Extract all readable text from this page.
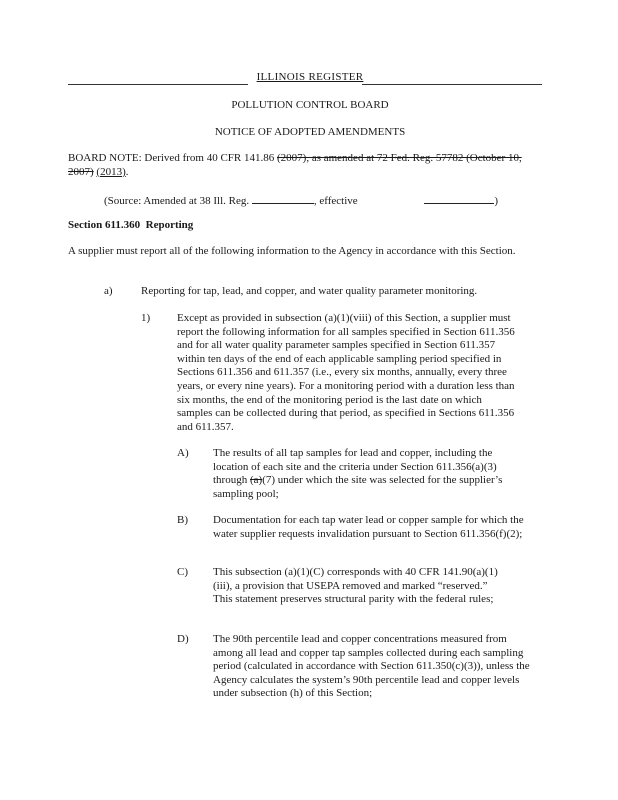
ILLINOIS REGISTER
POLLUTION CONTROL BOARD
NOTICE OF ADOPTED AMENDMENTS
BOARD NOTE: Derived from 40 CFR 141.86 (2007), as amended at 72 Fed. Reg. 57782 (October 10, 2007) (2013).
(Source: Amended at 38 Ill. Reg.	, effective	)
Section 611.360 Reporting

A supplier must report all of the following information to the Agency in accordance with this Section.

a)	Reporting for tap, lead, and copper, and water quality parameter monitoring.
1) Except as provided in subsection (a)(1)(viii) of this Section, a supplier must report the following information for all samples specified in Section 611.356 and for all water quality parameter samples specified in Section 611.357 within ten days of the end of each applicable sampling period specified in Sections 611.356 and 611.357 (i.e., every six months, annually, every three years, or every nine years). For a monitoring period with a duration less than six months, the end of the monitoring period is the last date on which samples can be collected during that period, as specified in Sections 611.356 and 611.357.

A) The results of all tap samples for lead and copper, including the location of each site and the criteria under Section 611.356(a)(3) through (a)(7) under which the site was selected for the supplier’s sampling pool;

B) Documentation for each tap water lead or copper sample for which the water supplier requests invalidation pursuant to Section 611.356(f)(2);

C) This subsection (a)(1)(C) corresponds with 40 CFR 141.90(a)(1)(iii), a provision that USEPA removed and marked “reserved.” This statement preserves structural parity with the federal rules;

D) The 90th percentile lead and copper concentrations measured from among all lead and copper tap samples collected during each sampling period (calculated in accordance with Section 611.350(c)(3)), unless the Agency calculates the system’s 90th percentile lead and copper levels under subsection (h) of this Section;
